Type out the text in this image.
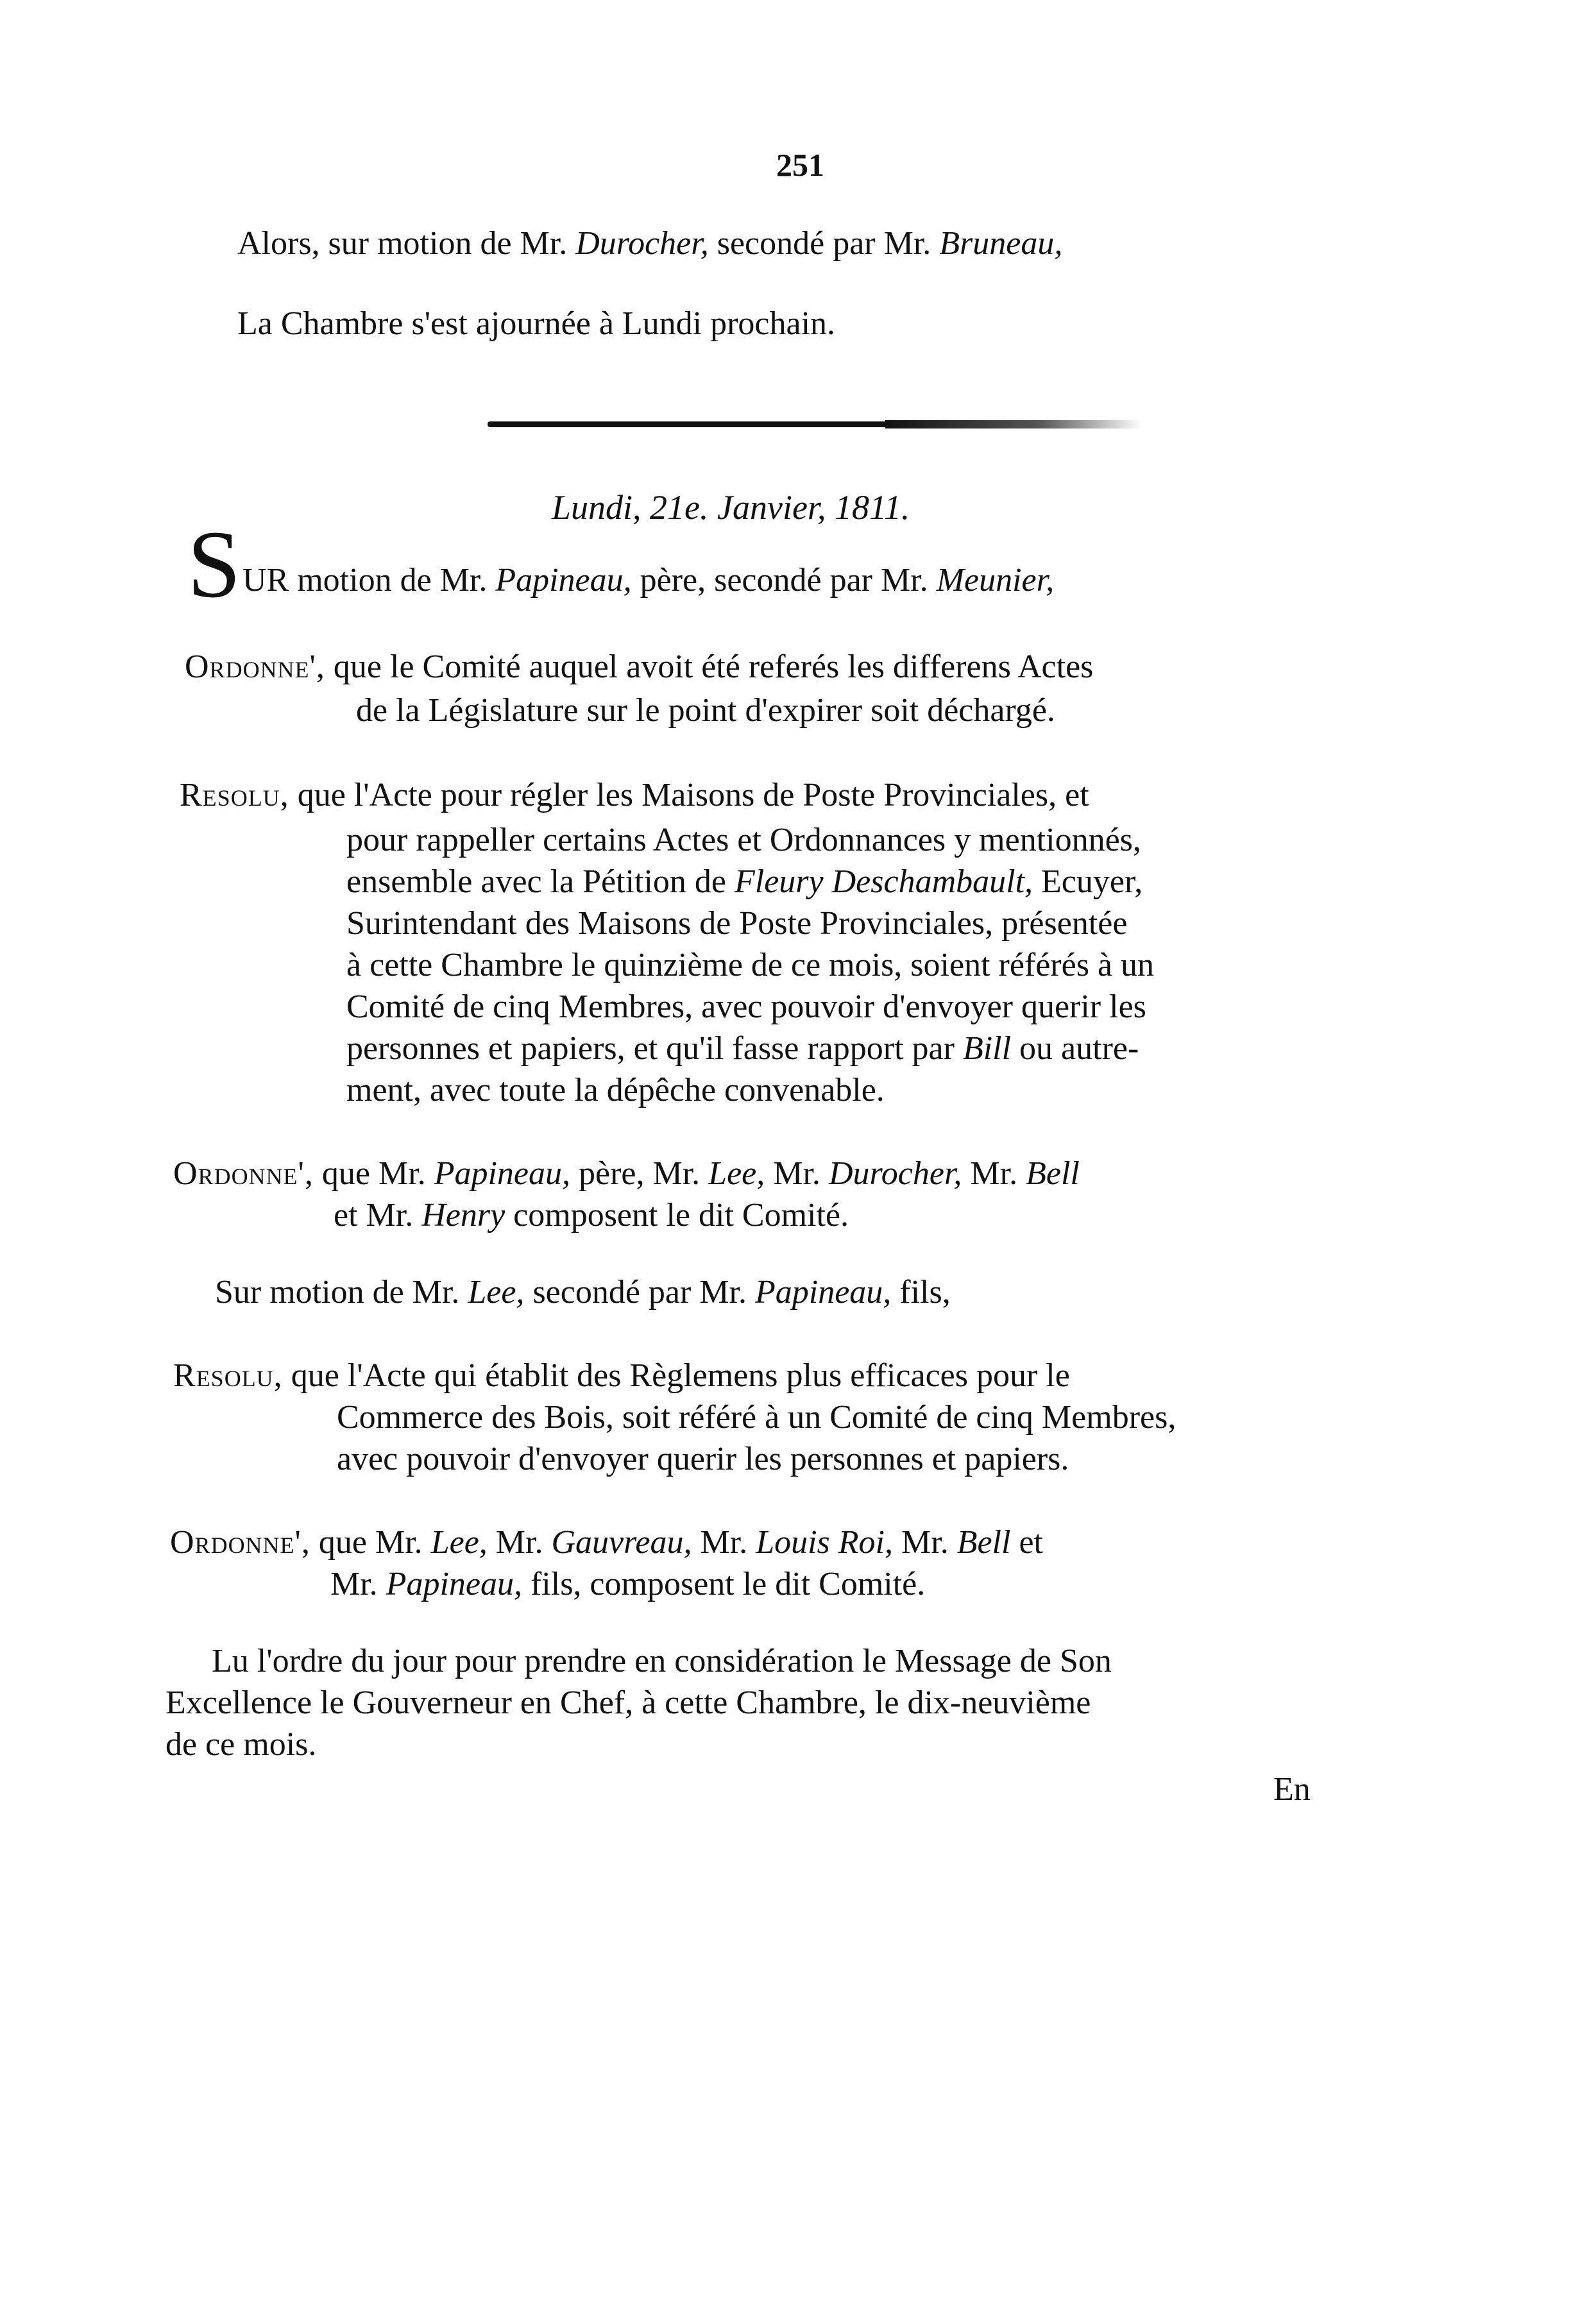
251
Alors, sur motion de Mr. Durocher, secondé par Mr. Bruneau,
La Chambre s'est ajournée à Lundi prochain.
Lundi, 21e. Janvier, 1811.
S UR motion de Mr. Papineau, père, secondé par Mr. Meunier,
Ordonne', que le Comité auquel avoit été referés les differens Actes
de la Législature sur le point d'expirer soit déchargé.
Resolu, que l'Acte pour régler les Maisons de Poste Provinciales, et
pour rappeller certains Actes et Ordonnances y mentionnés,
ensemble avec la Pétition de Fleury Deschambault, Ecuyer,
Surintendant des Maisons de Poste Provinciales, présentée
à cette Chambre le quinzième de ce mois, soient référés à un
Comité de cinq Membres, avec pouvoir d'envoyer querir les
personnes et papiers, et qu'il fasse rapport par Bill ou autre-
ment, avec toute la dépêche convenable.
Ordonne', que Mr. Papineau, père, Mr. Lee, Mr. Durocher, Mr. Bell
et Mr. Henry composent le dit Comité.
Sur motion de Mr. Lee, secondé par Mr. Papineau, fils,
Resolu, que l'Acte qui établit des Règlemens plus efficaces pour le
Commerce des Bois, soit référé à un Comité de cinq Membres,
avec pouvoir d'envoyer querir les personnes et papiers.
Ordonne', que Mr. Lee, Mr. Gauvreau, Mr. Louis Roi, Mr. Bell et
Mr. Papineau, fils, composent le dit Comité.
Lu l'ordre du jour pour prendre en considération le Message de Son
Excellence le Gouverneur en Chef, à cette Chambre, le dix-neuvième
de ce mois.
En
